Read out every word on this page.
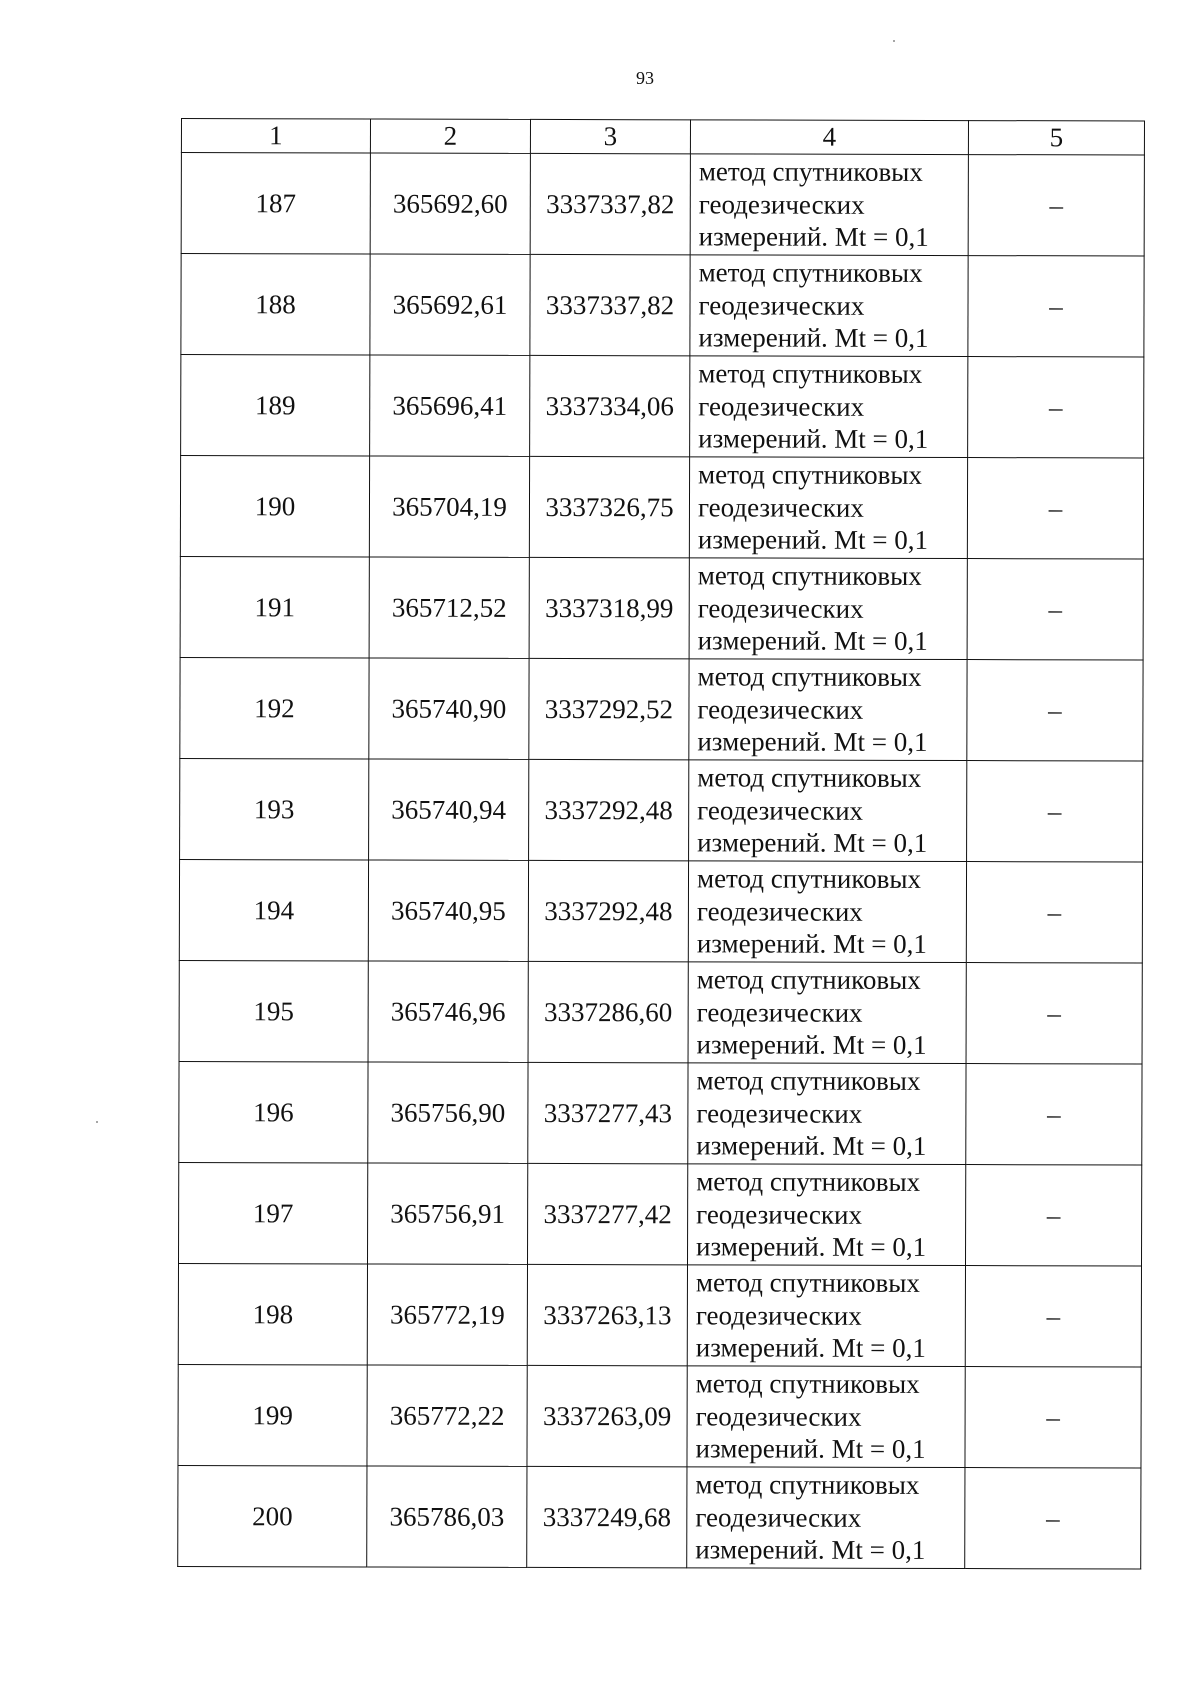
93
1	2	3	4	5
187	365692,60	3337337,82	метод спутниковых
геодезических
измерений. Mt = 0,1	–
188	365692,61	3337337,82	метод спутниковых
геодезических
измерений. Mt = 0,1	–
189	365696,41	3337334,06	метод спутниковых
геодезических
измерений. Mt = 0,1	–
190	365704,19	3337326,75	метод спутниковых
геодезических
измерений. Mt = 0,1	–
191	365712,52	3337318,99	метод спутниковых
геодезических
измерений. Mt = 0,1	–
192	365740,90	3337292,52	метод спутниковых
геодезических
измерений. Mt = 0,1	–
193	365740,94	3337292,48	метод спутниковых
геодезических
измерений. Mt = 0,1	–
194	365740,95	3337292,48	метод спутниковых
геодезических
измерений. Mt = 0,1	–
195	365746,96	3337286,60	метод спутниковых
геодезических
измерений. Mt = 0,1	–
196	365756,90	3337277,43	метод спутниковых
геодезических
измерений. Mt = 0,1	–
197	365756,91	3337277,42	метод спутниковых
геодезических
измерений. Mt = 0,1	–
198	365772,19	3337263,13	метод спутниковых
геодезических
измерений. Mt = 0,1	–
199	365772,22	3337263,09	метод спутниковых
геодезических
измерений. Mt = 0,1	–
200	365786,03	3337249,68	метод спутниковых
геодезических
измерений. Mt = 0,1	–
